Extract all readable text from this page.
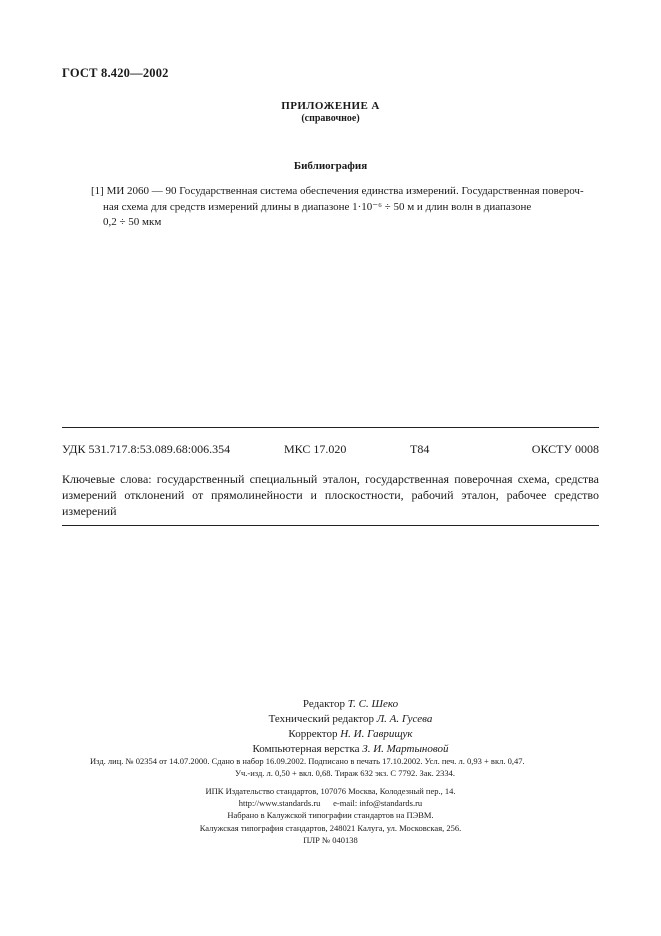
ГОСТ 8.420—2002
ПРИЛОЖЕНИЕ А
(справочное)
Библиография
[1] МИ 2060 — 90 Государственная система обеспечения единства измерений. Государственная повероч-
ная схема для средств измерений длины в диапазоне 1·10⁻⁶ ÷ 50 м и длин волн в диапазоне
0,2 ÷ 50 мкм
УДК 531.717.8:53.089.68:006.354	МКС 17.020	Т84	ОКСТУ 0008
Ключевые слова: государственный специальный эталон, государственная поверочная схема, средства измерений отклонений от прямолинейности и плоскостности, рабочий эталон, рабочее средство измерений
Редактор Т. С. Шеко
Технический редактор Л. А. Гусева
Корректор Н. И. Гаврищук
Компьютерная верстка З. И. Мартыновой
Изд. лиц. № 02354 от 14.07.2000. Сдано в набор 16.09.2002. Подписано в печать 17.10.2002. Усл. печ. л. 0,93 + вкл. 0,47.
Уч.-изд. л. 0,50 + вкл. 0,68. Тираж 632 экз. С 7792. Зак. 2334.
ИПК Издательство стандартов, 107076 Москва, Колодезный пер., 14.
http://www.standards.ru      e-mail: info@standards.ru
Набрано в Калужской типографии стандартов на ПЭВМ.
Калужская типография стандартов, 248021 Калуга, ул. Московская, 256.
ПЛР № 040138
